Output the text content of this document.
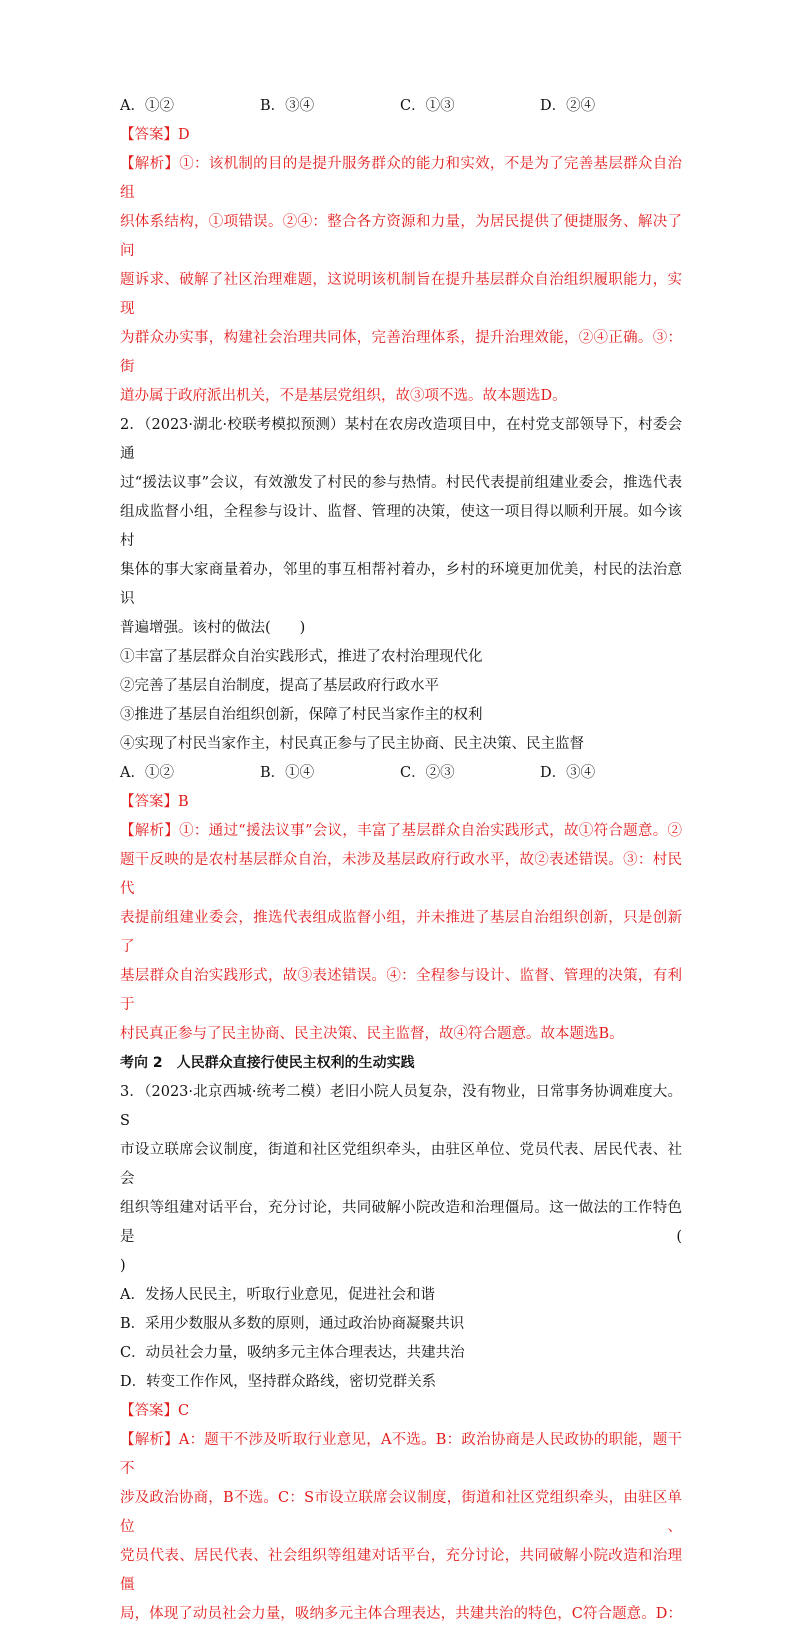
A．①②	B．③④	C．①③	D．②④
【答案】D
【解析】①：该机制的目的是提升服务群众的能力和实效，不是为了完善基层群众自治组
织体系结构，①项错误。②④：整合各方资源和力量，为居民提供了便捷服务、解决了问
题诉求、破解了社区治理难题，这说明该机制旨在提升基层群众自治组织履职能力，实现
为群众办实事，构建社会治理共同体，完善治理体系，提升治理效能，②④正确。③：街
道办属于政府派出机关，不是基层党组织，故③项不选。故本题选D。
2．（2023·湖北·校联考模拟预测）某村在农房改造项目中，在村党支部领导下，村委会通
过“援法议事”会议，有效激发了村民的参与热情。村民代表提前组建业委会，推选代表
组成监督小组，全程参与设计、监督、管理的决策，使这一项目得以顺利开展。如今该村
集体的事大家商量着办，邻里的事互相帮衬着办，乡村的环境更加优美，村民的法治意识
普遍增强。该村的做法(　　)
①丰富了基层群众自治实践形式，推进了农村治理现代化
②完善了基层自治制度，提高了基层政府行政水平
③推进了基层自治组织创新，保障了村民当家作主的权利
④实现了村民当家作主，村民真正参与了民主协商、民主决策、民主监督
A．①②	B．①④	C．②③	D．③④
【答案】B
【解析】①：通过“援法议事”会议，丰富了基层群众自治实践形式，故①符合题意。②
题干反映的是农村基层群众自治，未涉及基层政府行政水平，故②表述错误。③：村民代
表提前组建业委会，推选代表组成监督小组，并未推进了基层自治组织创新，只是创新了
基层群众自治实践形式，故③表述错误。④：全程参与设计、监督、管理的决策，有利于
村民真正参与了民主协商、民主决策、民主监督，故④符合题意。故本题选B。
考向 2　人民群众直接行使民主权利的生动实践
3．（2023·北京西城·统考二模）老旧小院人员复杂，没有物业，日常事务协调难度大。S
市设立联席会议制度，街道和社区党组织牵头，由驻区单位、党员代表、居民代表、社会
组织等组建对话平台，充分讨论，共同破解小院改造和治理僵局。这一做法的工作特色是(
)
A．发扬人民民主，听取行业意见，促进社会和谐
B．采用少数服从多数的原则，通过政治协商凝聚共识
C．动员社会力量，吸纳多元主体合理表达，共建共治
D．转变工作作风，坚持群众路线，密切党群关系
【答案】C
【解析】A：题干不涉及听取行业意见，A不选。B：政治协商是人民政协的职能，题干不
涉及政治协商，B不选。C：S市设立联席会议制度，街道和社区党组织牵头，由驻区单位、
党员代表、居民代表、社会组织等组建对话平台，充分讨论，共同破解小院改造和治理僵
局，体现了动员社会力量，吸纳多元主体合理表达，共建共治的特色，C符合题意。D：
